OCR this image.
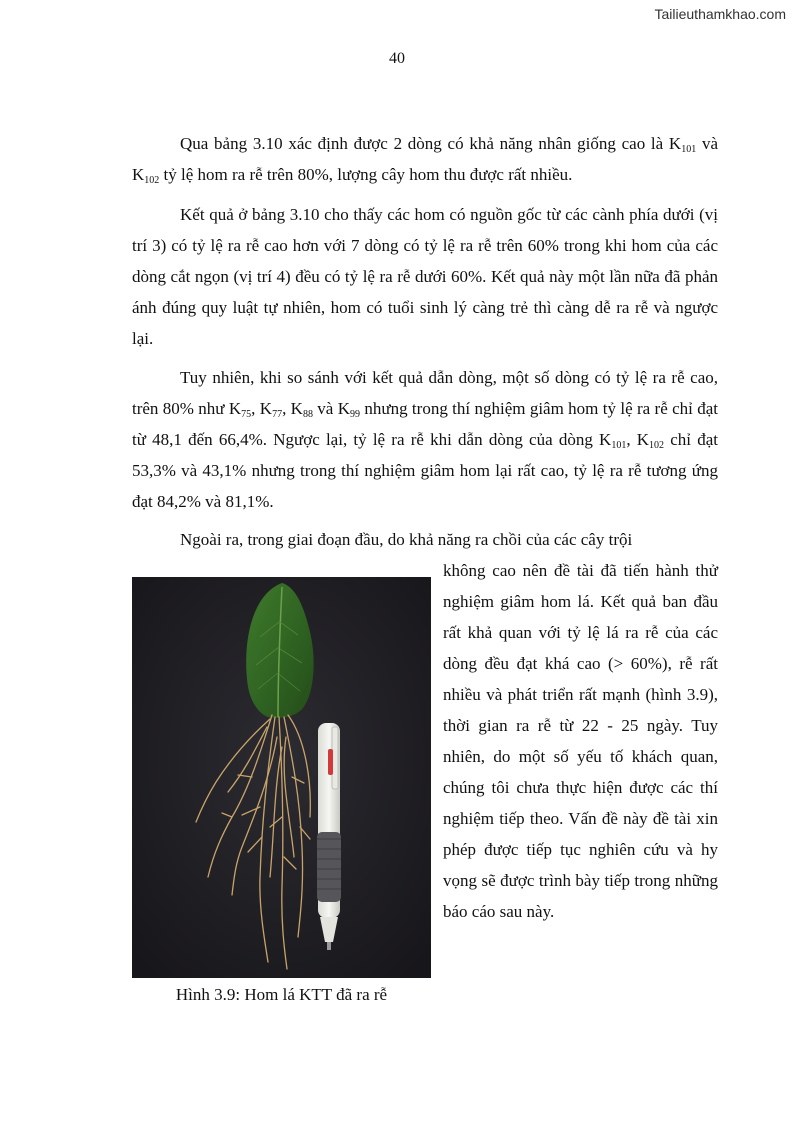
Tailieuthamkhao.com
40

Qua bảng 3.10 xác định được 2 dòng có khả năng nhân giống cao là $K_{101}$ và $K_{102}$ tỷ lệ hom ra rễ trên 80%, lượng cây hom thu được rất nhiều.

Kết quả ở bảng 3.10 cho thấy các hom có nguồn gốc từ các cành phía dưới (vị trí 3) có tỷ lệ ra rễ cao hơn với 7 dòng có tỷ lệ ra rễ trên 60% trong khi hom của các dòng cắt ngọn (vị trí 4) đều có tỷ lệ ra rễ dưới 60%. Kết quả này một lần nữa đã phản ánh đúng quy luật tự nhiên, hom có tuổi sinh lý càng trẻ thì càng dễ ra rễ và ngược lại.

Tuy nhiên, khi so sánh với kết quả dẫn dòng, một số dòng có tỷ lệ ra rễ cao, trên 80% như $K_{75}$, $K_{77}$, $K_{88}$ và $K_{99}$ nhưng trong thí nghiệm giâm hom tỷ lệ ra rễ chỉ đạt từ 48,1 đến 66,4%. Ngược lại, tỷ lệ ra rễ khi dẫn dòng của dòng $K_{101}$, $K_{102}$ chỉ đạt 53,3% và 43,1% nhưng trong thí nghiệm giâm hom lại rất cao, tỷ lệ ra rễ tương ứng đạt 84,2% và 81,1%.

Ngoài ra, trong giai đoạn đầu, do khả năng ra chồi của các cây trội

không cao nên đề tài đã tiến hành thử nghiệm giâm hom lá. Kết quả ban đầu rất khả quan với tỷ lệ lá ra rễ của các dòng đều đạt khá cao (> 60%), rễ rất nhiều và phát triển rất mạnh (hình 3.9), thời gian ra rễ từ 22 - 25 ngày. Tuy nhiên, do một số yếu tố khách quan, chúng tôi chưa thực hiện được các thí nghiệm tiếp theo. Vấn đề này đề tài xin phép được tiếp tục nghiên cứu và hy vọng sẽ được trình bày tiếp trong những báo cáo sau này.

Hình 3.9: Hom lá KTT đã ra rễ
